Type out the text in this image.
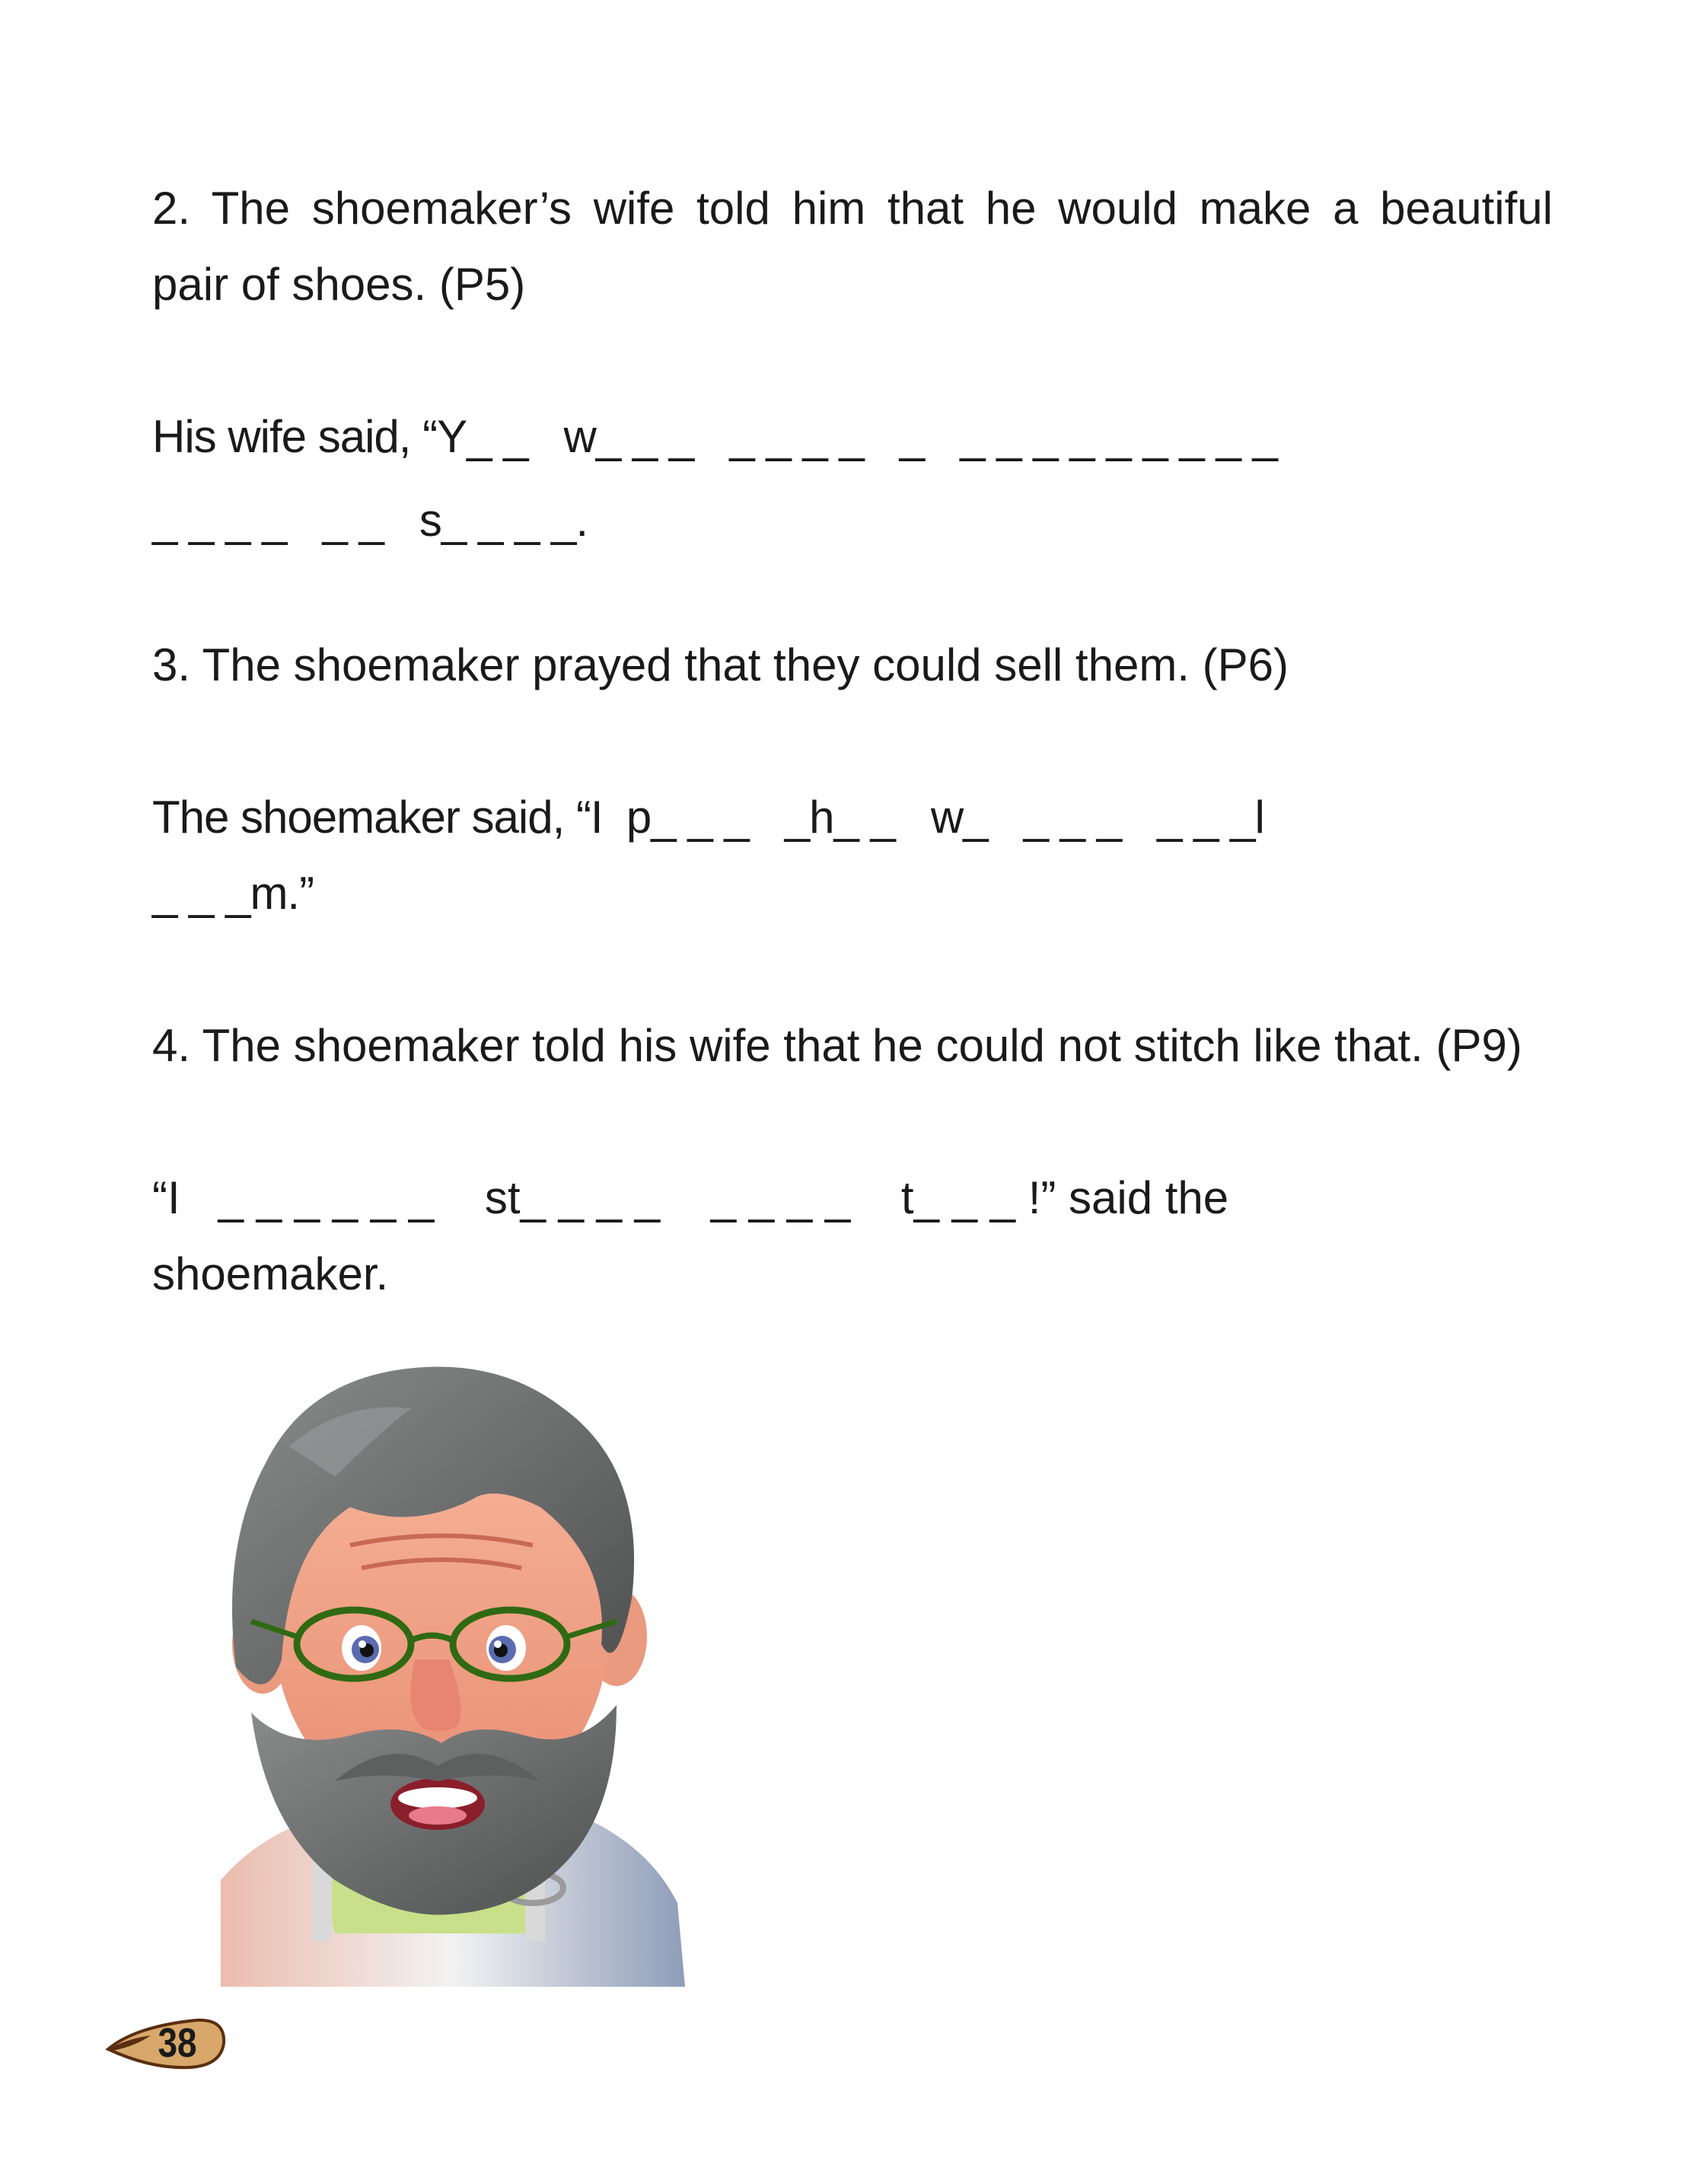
2. The shoemaker’s wife told him that he would make a beautiful
pair of shoes. (P5)
His wife said, “Y_ _   w_ _ _   _ _ _ _   _   _ _ _ _ _ _ _ _ _
_ _ _ _   _ _   s_ _ _ _.
3. The shoemaker prayed that they could sell them. (P6)
The shoemaker said, “I  p_ _ _   _h_ _   w_   _ _ _   _ _ _l
_ _ _m.”
4. The shoemaker told his wife that he could not stitch like that. (P9)
“I   _ _ _ _ _ _    st_ _ _ _    _ _ _ _    t_ _ _ !” said the
shoemaker.
38
